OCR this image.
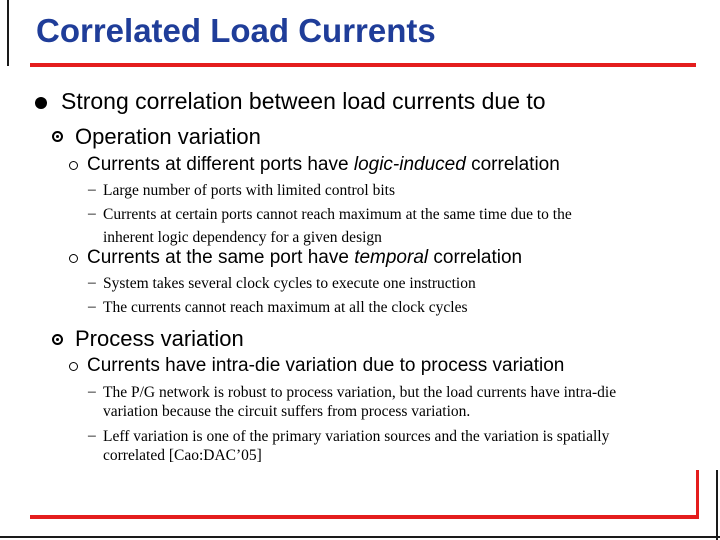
Correlated Load Currents
Strong correlation between load currents due to
Operation variation
Currents at different ports have logic-induced correlation
– Large number of ports with limited control bits
– Currents at certain ports cannot reach maximum at the same time due to the
inherent logic dependency for a given design
Currents at the same port have temporal correlation
– System takes several clock cycles to execute one instruction
– The currents cannot reach maximum at all the clock cycles
Process variation
Currents have intra-die variation due to process variation
– The P/G network is robust to process variation, but the load currents have intra-die
variation because the circuit suffers from process variation.
– Leff variation is one of the primary variation sources and the variation is spatially
correlated [Cao:DAC’05]
